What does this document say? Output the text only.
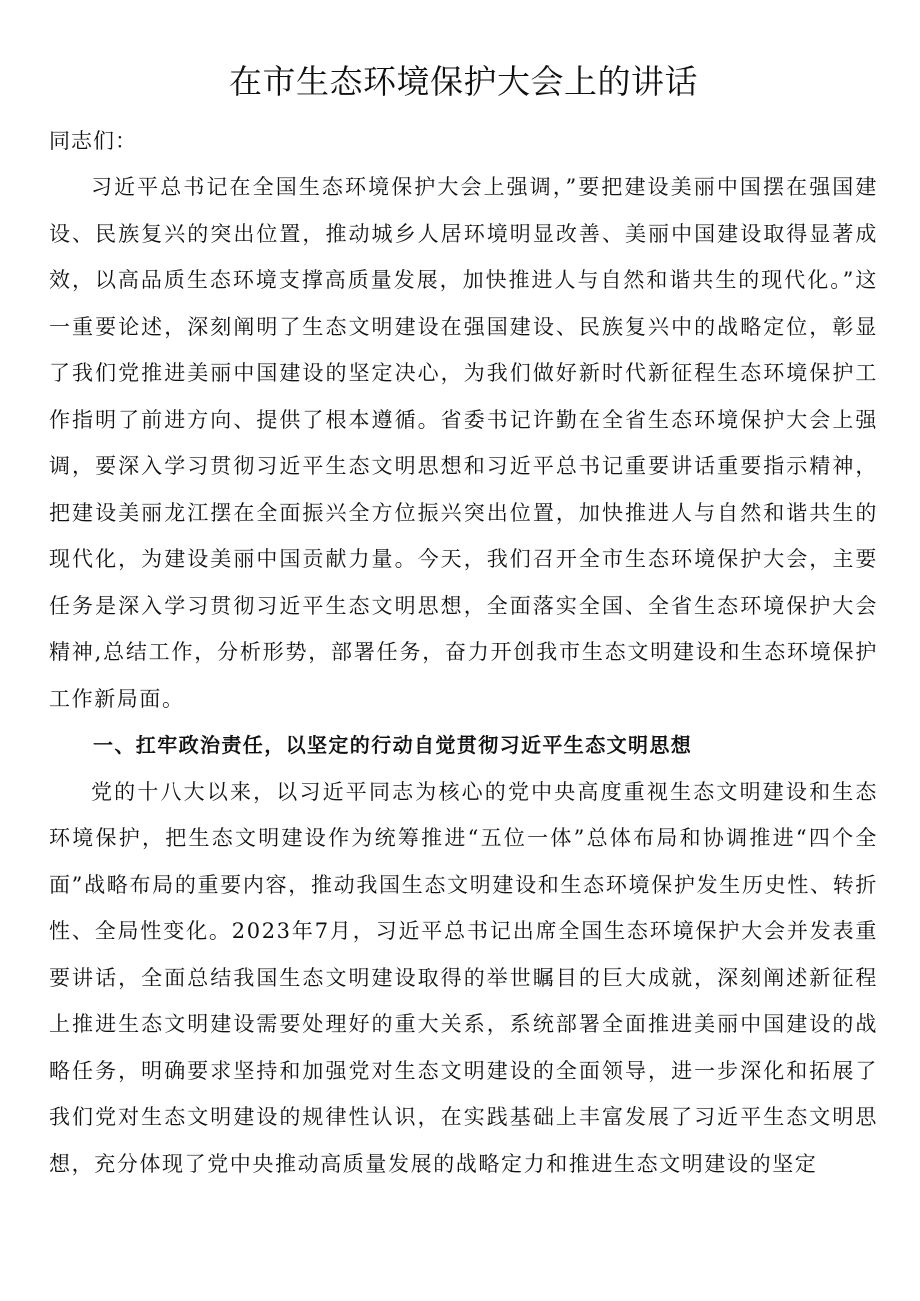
在市生态环境保护大会上的讲话

同志们：

习近平总书记在全国生态环境保护大会上强调，”要把建设美丽中国摆在强国建设、民族复兴的突出位置，推动城乡人居环境明显改善、美丽中国建设取得显著成效，以高品质生态环境支撑高质量发展，加快推进人与自然和谐共生的现代化。”这一重要论述，深刻阐明了生态文明建设在强国建设、民族复兴中的战略定位，彰显了我们党推进美丽中国建设的坚定决心，为我们做好新时代新征程生态环境保护工作指明了前进方向、提供了根本遵循。省委书记许勤在全省生态环境保护大会上强调，要深入学习贯彻习近平生态文明思想和习近平总书记重要讲话重要指示精神，把建设美丽龙江摆在全面振兴全方位振兴突出位置，加快推进人与自然和谐共生的现代化，为建设美丽中国贡献力量。今天，我们召开全市生态环境保护大会，主要任务是深入学习贯彻习近平生态文明思想，全面落实全国、全省生态环境保护大会精神,总结工作，分析形势，部署任务，奋力开创我市生态文明建设和生态环境保护工作新局面。

一、扛牢政治责任，以坚定的行动自觉贯彻习近平生态文明思想

党的十八大以来，以习近平同志为核心的党中央高度重视生态文明建设和生态环境保护，把生态文明建设作为统筹推进“五位一体”总体布局和协调推进“四个全面”战略布局的重要内容，推动我国生态文明建设和生态环境保护发生历史性、转折性、全局性变化。2023年7月，习近平总书记出席全国生态环境保护大会并发表重要讲话，全面总结我国生态文明建设取得的举世瞩目的巨大成就，深刻阐述新征程上推进生态文明建设需要处理好的重大关系，系统部署全面推进美丽中国建设的战略任务，明确要求坚持和加强党对生态文明建设的全面领导，进一步深化和拓展了我们党对生态文明建设的规律性认识，在实践基础上丰富发展了习近平生态文明思想，充分体现了党中央推动高质量发展的战略定力和推进生态文明建设的坚定
